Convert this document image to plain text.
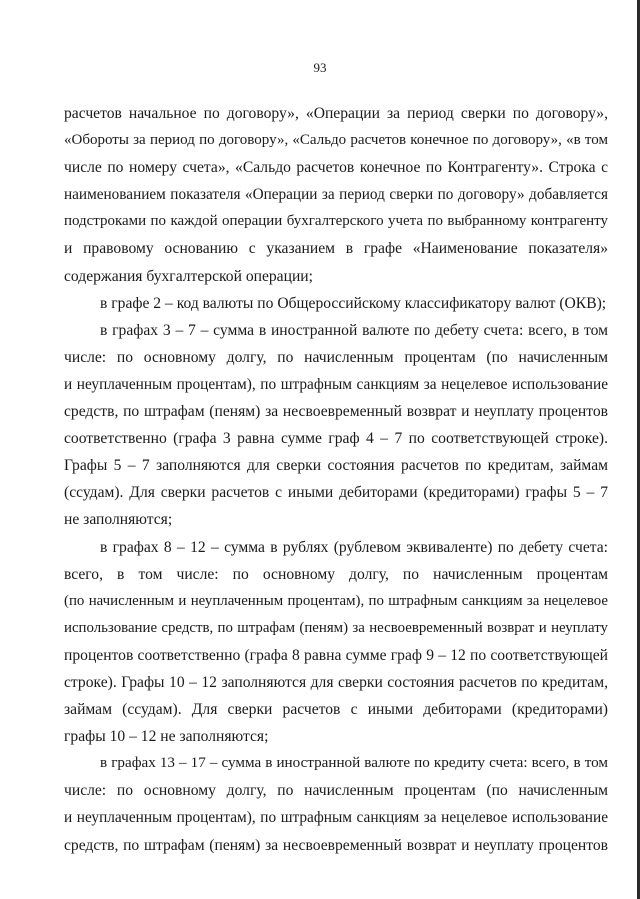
93

расчетов начальное по договору», «Операции за период сверки по договору»,
«Обороты за период по договору», «Сальдо расчетов конечное по договору», «в том
числе по номеру счета», «Сальдо расчетов конечное по Контрагенту». Строка с
наименованием показателя «Операции за период сверки по договору» добавляется
подстроками по каждой операции бухгалтерского учета по выбранному контрагенту
и правовому основанию с указанием в графе «Наименование показателя»
содержания бухгалтерской операции;

в графе 2 – код валюты по Общероссийскому классификатору валют (ОКВ);

в графах 3 – 7 – сумма в иностранной валюте по дебету счета: всего, в том
числе: по основному долгу, по начисленным процентам (по начисленным
и неуплаченным процентам), по штрафным санкциям за нецелевое использование
средств, по штрафам (пеням) за несвоевременный возврат и неуплату процентов
соответственно (графа 3 равна сумме граф 4 – 7 по соответствующей строке).
Графы 5 – 7 заполняются для сверки состояния расчетов по кредитам, займам
(ссудам). Для сверки расчетов с иными дебиторами (кредиторами) графы 5 – 7
не заполняются;

в графах 8 – 12 – сумма в рублях (рублевом эквиваленте) по дебету счета:
всего, в том числе: по основному долгу, по начисленным процентам
(по начисленным и неуплаченным процентам), по штрафным санкциям за нецелевое
использование средств, по штрафам (пеням) за несвоевременный возврат и неуплату
процентов соответственно (графа 8 равна сумме граф 9 – 12 по соответствующей
строке). Графы 10 – 12 заполняются для сверки состояния расчетов по кредитам,
займам (ссудам). Для сверки расчетов с иными дебиторами (кредиторами)
графы 10 – 12 не заполняются;

в графах 13 – 17 – сумма в иностранной валюте по кредиту счета: всего, в том
числе: по основному долгу, по начисленным процентам (по начисленным
и неуплаченным процентам), по штрафным санкциям за нецелевое использование
средств, по штрафам (пеням) за несвоевременный возврат и неуплату процентов
